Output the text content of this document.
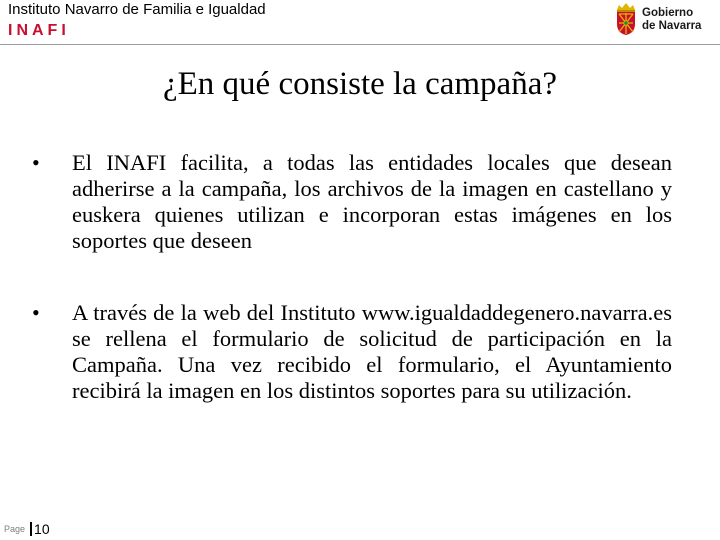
Instituto Navarro de Familia e Igualdad
INAFI
Gobierno
de Navarra
¿En qué consiste la campaña?
• El INAFI facilita, a todas las entidades locales que desean adherirse a la campaña, los archivos de la imagen en castellano y euskera quienes utilizan e incorporan estas imágenes en los soportes que deseen
• A través de la web del Instituto www.igualdaddegenero.navarra.es se rellena el formulario de solicitud de participación en la Campaña. Una vez recibido el formulario, el Ayuntamiento recibirá la imagen en los distintos soportes para su utilización.
Page 10
